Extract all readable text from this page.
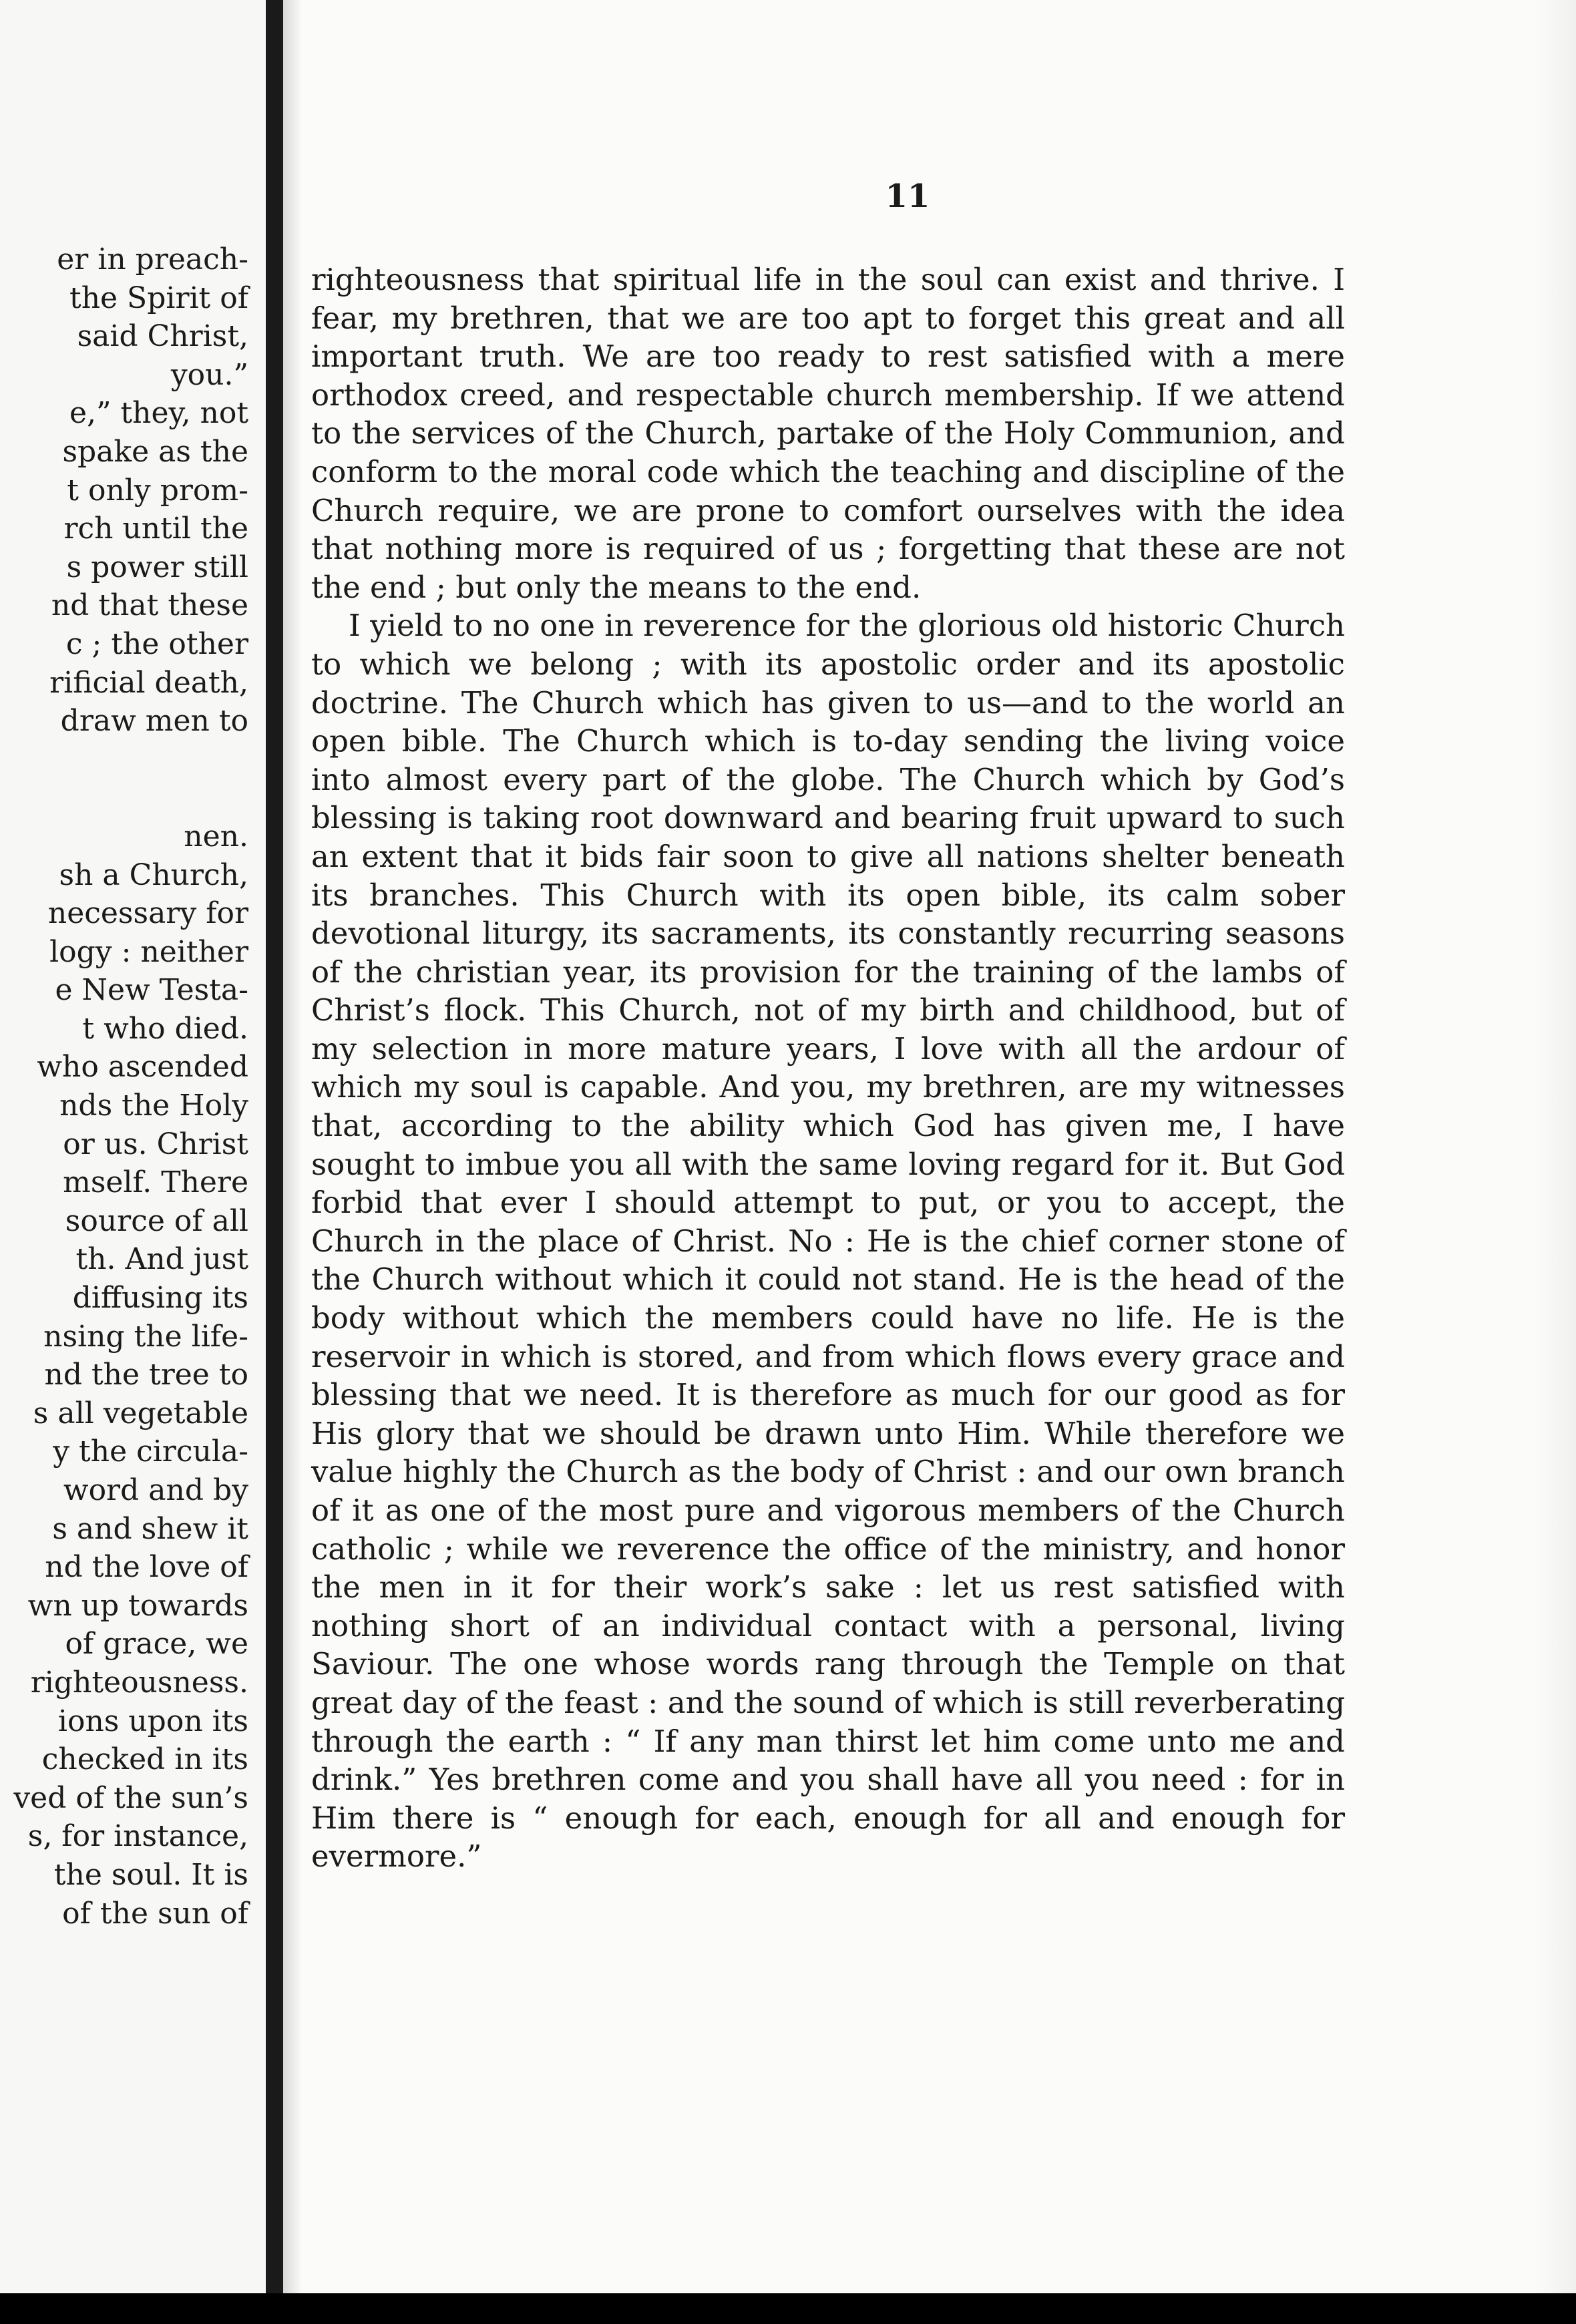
er in preach-
the Spirit of
said Christ,
you.”
e,” they, not
spake as the
t only prom-
rch until the
s power still
nd that these
c ; the other
rificial death,
draw men to
nen.
sh a Church,
necessary for
logy : neither
e New Testa-
t who died.
who ascended
nds the Holy
or us. Christ
mself. There
source of all
th. And just
diffusing its
nsing the life-
nd the tree to
s all vegetable
y the circula-
word and by
s and shew it
nd the love of
wn up towards
of grace, we
righteousness.
ions upon its
checked in its
ved of the sun’s
s, for instance,
the soul. It is
of the sun of

11

righteousness that spiritual life in the soul can exist and thrive. I fear, my brethren, that we are too apt to forget this great and all important truth. We are too ready to rest satisfied with a mere orthodox creed, and respectable church membership. If we attend to the services of the Church, partake of the Holy Communion, and conform to the moral code which the teaching and discipline of the Church require, we are prone to comfort ourselves with the idea that nothing more is required of us ; forgetting that these are not the end ; but only the means to the end.

I yield to no one in reverence for the glorious old historic Church to which we belong ; with its apostolic order and its apostolic doctrine. The Church which has given to us—and to the world an open bible. The Church which is to-day sending the living voice into almost every part of the globe. The Church which by God’s blessing is taking root downward and bearing fruit upward to such an extent that it bids fair soon to give all nations shelter beneath its branches. This Church with its open bible, its calm sober devotional liturgy, its sacraments, its constantly recurring seasons of the christian year, its provision for the training of the lambs of Christ’s flock. This Church, not of my birth and childhood, but of my selection in more mature years, I love with all the ardour of which my soul is capable. And you, my brethren, are my witnesses that, according to the ability which God has given me, I have sought to imbue you all with the same loving regard for it. But God forbid that ever I should attempt to put, or you to accept, the Church in the place of Christ. No : He is the chief corner stone of the Church without which it could not stand. He is the head of the body without which the members could have no life. He is the reservoir in which is stored, and from which flows every grace and blessing that we need. It is therefore as much for our good as for His glory that we should be drawn unto Him. While therefore we value highly the Church as the body of Christ : and our own branch of it as one of the most pure and vigorous members of the Church catholic ; while we reverence the office of the ministry, and honor the men in it for their work’s sake : let us rest satisfied with nothing short of an individual contact with a personal, living Saviour. The one whose words rang through the Temple on that great day of the feast : and the sound of which is still reverberating through the earth : “ If any man thirst let him come unto me and drink.” Yes brethren come and you shall have all you need : for in Him there is “ enough for each, enough for all and enough for evermore.”
